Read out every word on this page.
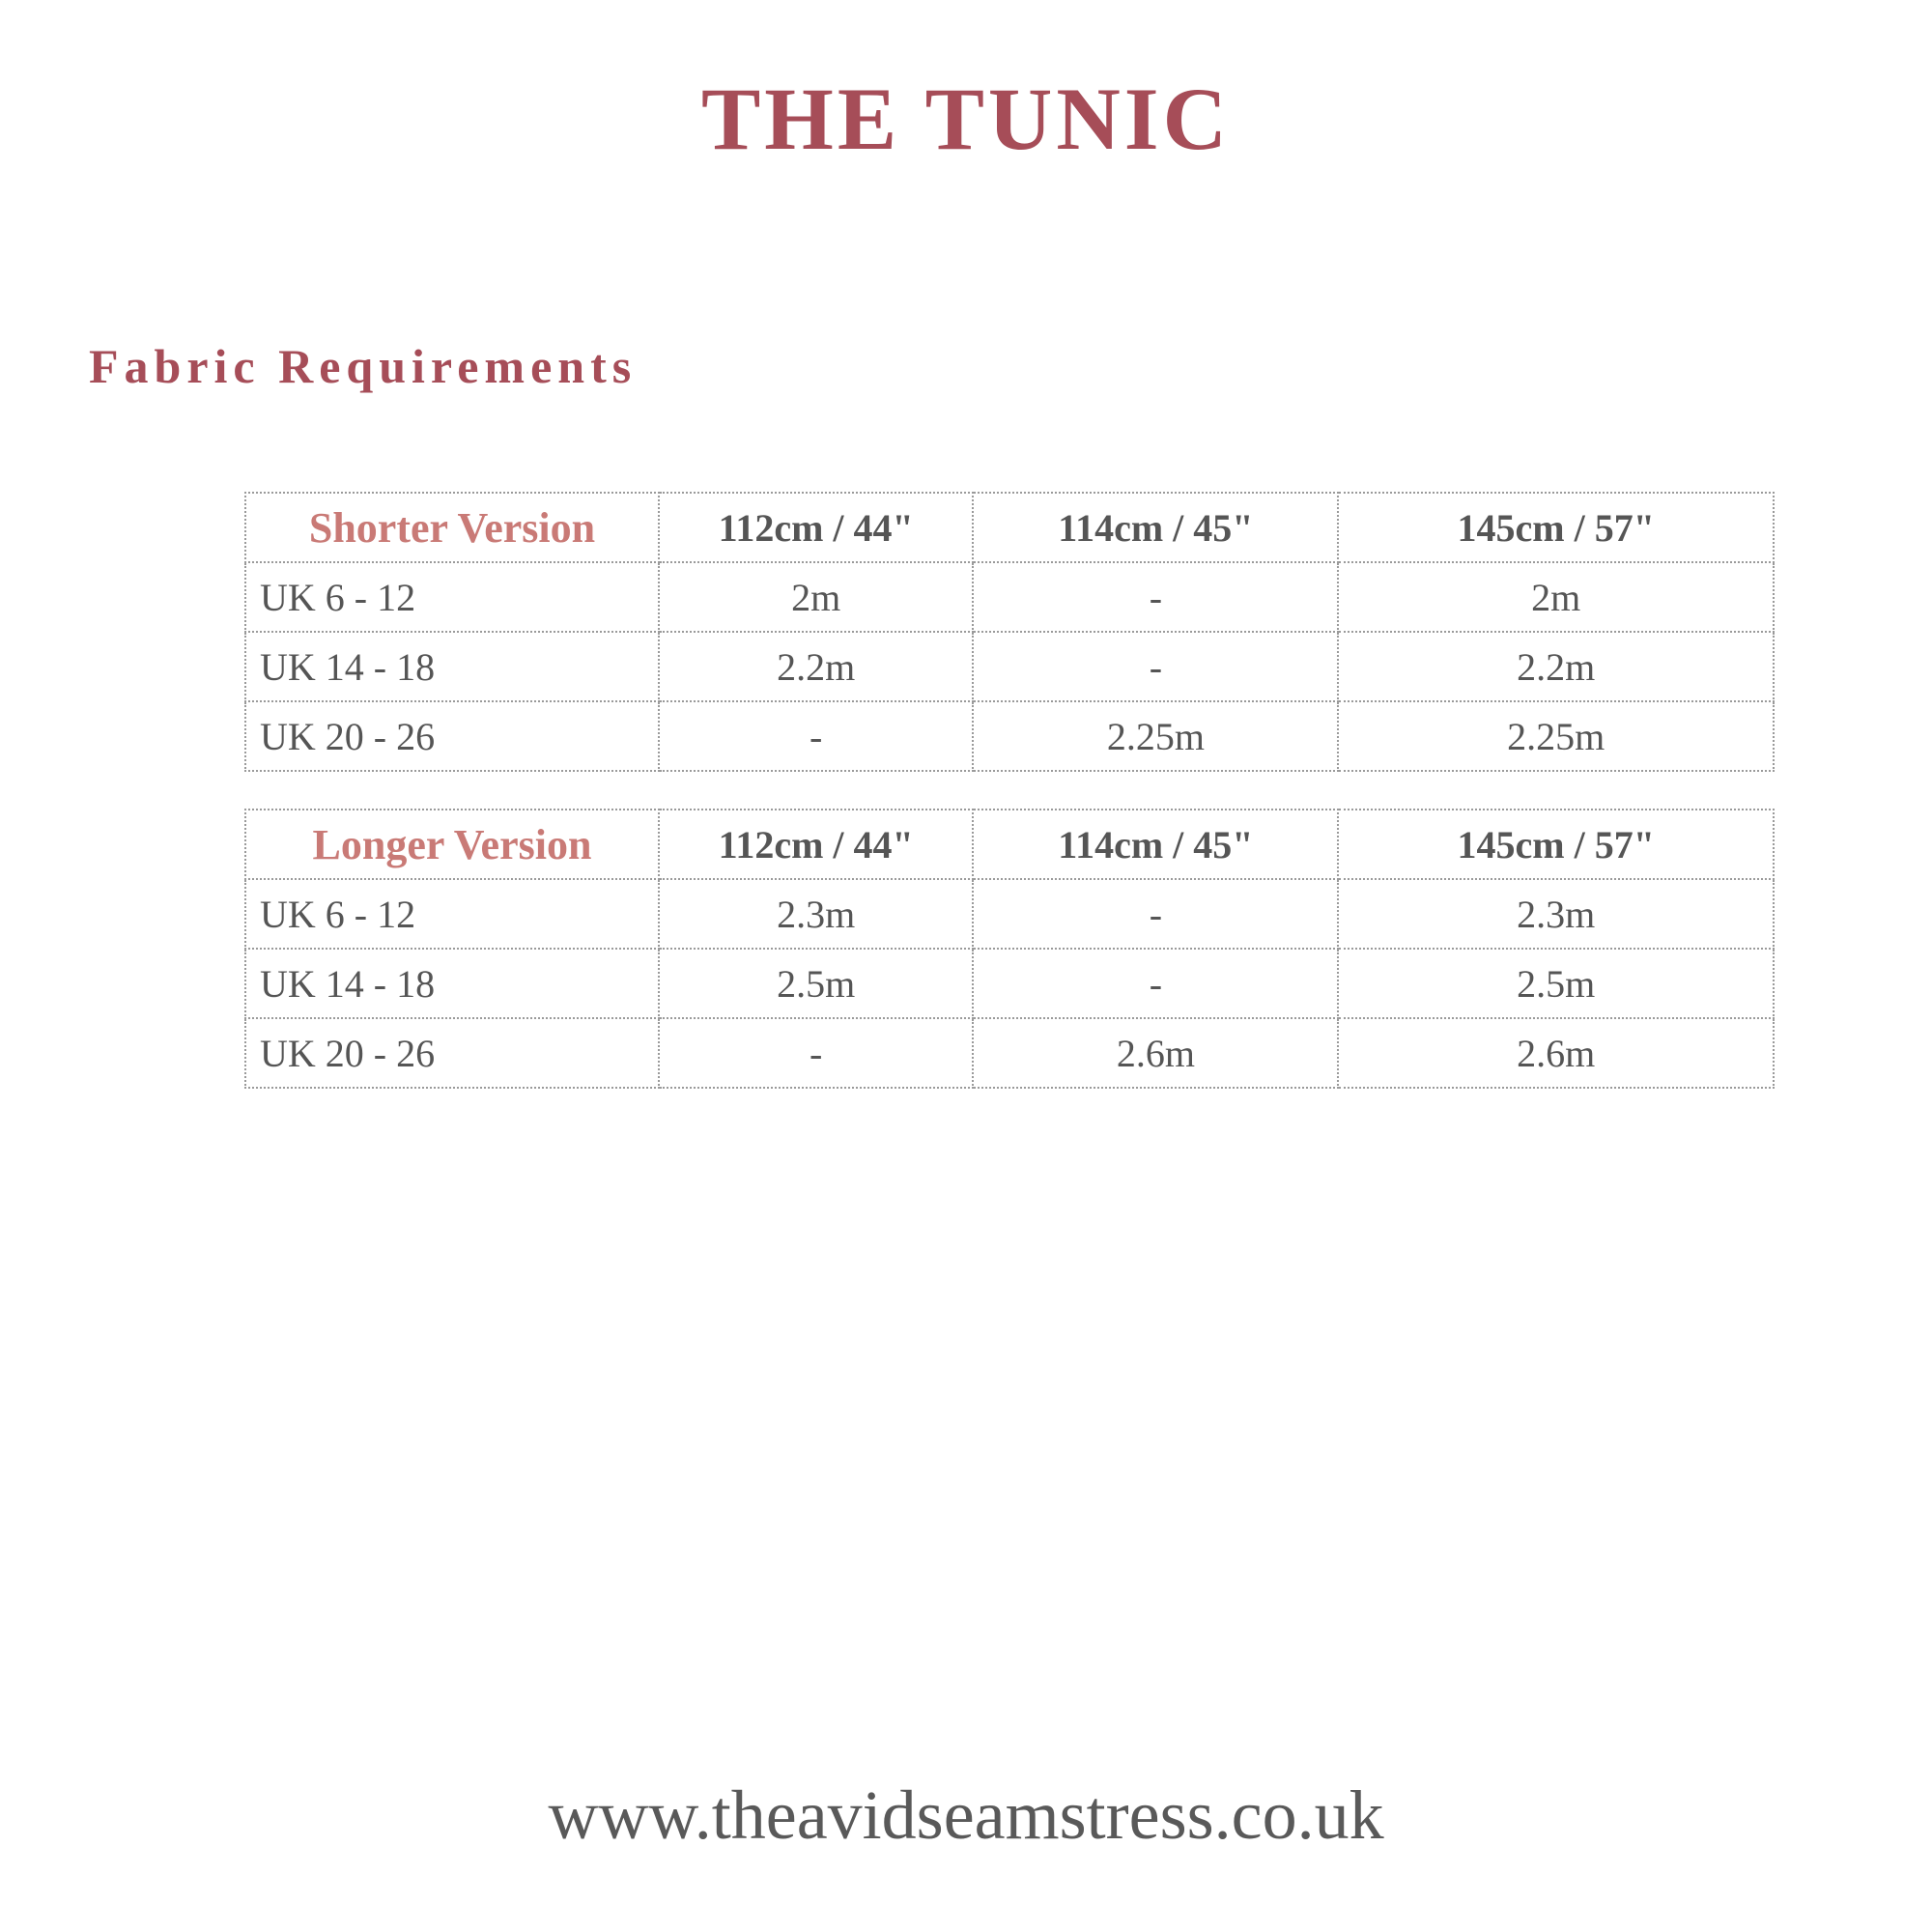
THE TUNIC
Fabric Requirements
Shorter Version	112cm / 44"	114cm / 45"	145cm / 57"
UK 6 - 12	2m	-	2m
UK 14 - 18	2.2m	-	2.2m
UK 20 - 26	-	2.25m	2.25m
Longer Version	112cm / 44"	114cm / 45"	145cm / 57"
UK 6 - 12	2.3m	-	2.3m
UK 14 - 18	2.5m	-	2.5m
UK 20 - 26	-	2.6m	2.6m
www.theavidseamstress.co.uk
